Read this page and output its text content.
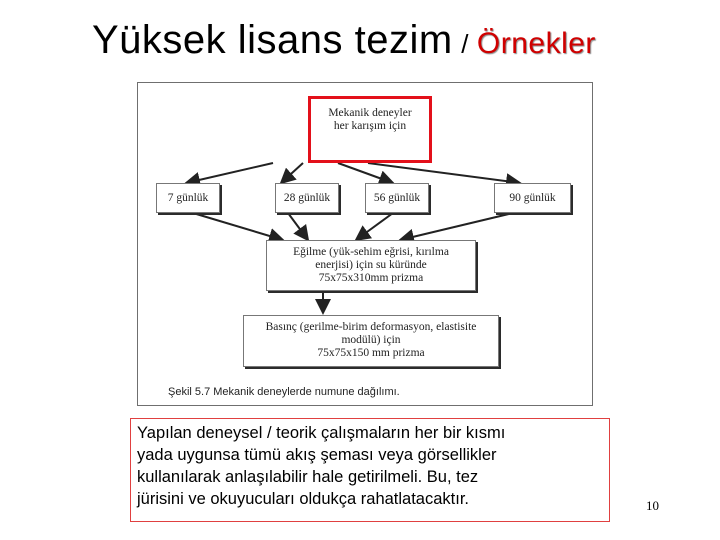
Yüksek lisans tezim / Örnekler
Mekanik deneyler
her karışım için
7 günlük	28 günlük	56 günlük	90 günlük
Eğilme (yük-sehim eğrisi, kırılma
enerjisi) için su küründe
75x75x310mm prizma
Basınç (gerilme-birim deformasyon, elastisite
modülü) için
75x75x150 mm prizma
Şekil 5.7 Mekanik deneylerde numune dağılımı.
Yapılan deneysel / teorik çalışmaların her bir kısmı
yada uygunsa tümü akış şeması veya görsellikler
kullanılarak anlaşılabilir hale getirilmeli. Bu, tez
jürisini ve okuyucuları oldukça rahatlatacaktır.	10
